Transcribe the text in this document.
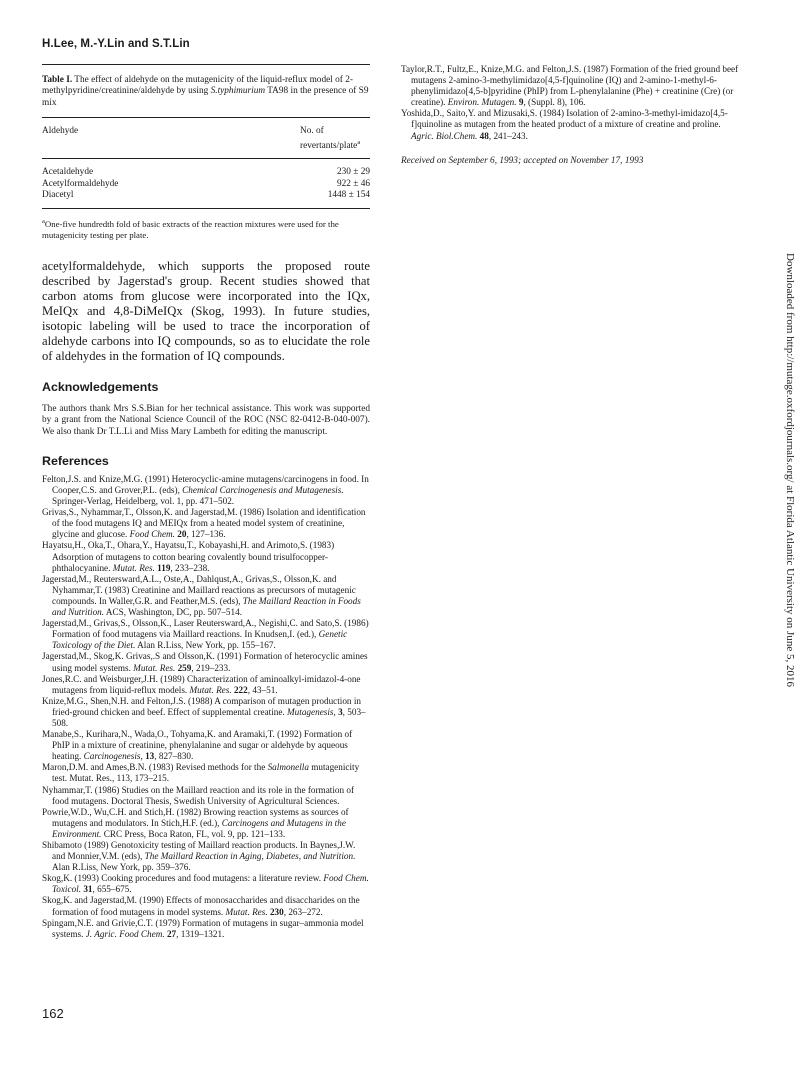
H.Lee, M.-Y.Lin and S.T.Lin
Table I. The effect of aldehyde on the mutagenicity of the liquid-reflux model of 2-methylpyridine/creatinine/aldehyde by using S.typhimurium TA98 in the presence of S9 mix
Aldehyde	No. of revertants/plate$^a$
Acetaldehyde	230 ± 29
Acetylformaldehyde	922 ± 46
Diacetyl	1448 ± 154
$^a$One-five hundredth fold of basic extracts of the reaction mixtures were used for the mutagenicity testing per plate.
acetylformaldehyde, which supports the proposed route described by Jagerstad's group. Recent studies showed that carbon atoms from glucose were incorporated into the IQx, MeIQx and 4,8-DiMeIQx (Skog, 1993). In future studies, isotopic labeling will be used to trace the incorporation of aldehyde carbons into IQ compounds, so as to elucidate the role of aldehydes in the formation of IQ compounds.
Acknowledgements
The authors thank Mrs S.S.Bian for her technical assistance. This work was supported by a grant from the National Science Council of the ROC (NSC 82-0412-B-040-007). We also thank Dr T.L.Li and Miss Mary Lambeth for editing the manuscript.
References
Felton,J.S. and Knize,M.G. (1991) Heterocyclic-amine mutagens/carcinogens in food. In Cooper,C.S. and Grover,P.L. (eds), Chemical Carcinogenesis and Mutagenesis. Springer-Verlag, Heidelberg, vol. 1, pp. 471–502.
Grivas,S., Nyhammar,T., Olsson,K. and Jagerstad,M. (1986) Isolation and identification of the food mutagens IQ and MEIQx from a heated model system of creatinine, glycine and glucose. Food Chem. 20, 127–136.
Hayatsu,H., Oka,T., Ohara,Y., Hayatsu,T., Kobayashi,H. and Arimoto,S. (1983) Adsorption of mutagens to cotton bearing covalently bound trisulfocopper-phthalocyanine. Mutat. Res. 119, 233–238.
Jagerstad,M., Reutersward,A.L., Oste,A., Dahlqust,A., Grivas,S., Olsson,K. and Nyhammar,T. (1983) Creatinine and Maillard reactions as precursors of mutagenic compounds. In Waller,G.R. and Feather,M.S. (eds), The Maillard Reaction in Foods and Nutrition. ACS, Washington, DC, pp. 507–514.
Jagerstad,M., Grivas,S., Olsson,K., Laser Reutersward,A., Negishi,C. and Sato,S. (1986) Formation of food mutagens via Maillard reactions. In Knudsen,I. (ed.), Genetic Toxicology of the Diet. Alan R.Liss, New York, pp. 155–167.
Jagerstad,M., Skog,K. Grivas,.S and Olsson,K. (1991) Formation of heterocyclic amines using model systems. Mutat. Res. 259, 219–233.
Jones,R.C. and Weisburger,J.H. (1989) Characterization of aminoalkyl-imidazol-4-one mutagens from liquid-reflux models. Mutat. Res. 222, 43–51.
Knize,M.G., Shen,N.H. and Felton,J.S. (1988) A comparison of mutagen production in fried-ground chicken and beef. Effect of supplemental creatine. Mutagenesis, 3, 503–508.
Manabe,S., Kurihara,N., Wada,O., Tohyama,K. and Aramaki,T. (1992) Formation of PhIP in a mixture of creatinine, phenylalanine and sugar or aldehyde by aqueous heating. Carcinogenesis, 13, 827–830.
Maron,D.M. and Ames,B.N. (1983) Revised methods for the Salmonella mutagenicity test. Mutat. Res., 113, 173–215.
Nyhammar,T. (1986) Studies on the Maillard reaction and its role in the formation of food mutagens. Doctoral Thesis, Swedish University of Agricultural Sciences.
Powrie,W.D., Wu,C.H. and Stich,H. (1982) Browing reaction systems as sources of mutagens and modulators. In Stich,H.F. (ed.), Carcinogens and Mutagens in the Environment. CRC Press, Boca Raton, FL, vol. 9, pp. 121–133.
Shibamoto (1989) Genotoxicity testing of Maillard reaction products. In Baynes,J.W. and Monnier,V.M. (eds), The Maillard Reaction in Aging, Diabetes, and Nutrition. Alan R.Liss, New York, pp. 359–376.
Skog,K. (1993) Cooking procedures and food mutagens: a literature review. Food Chem. Toxicol. 31, 655–675.
Skog,K. and Jagerstad,M. (1990) Effects of monosaccharides and disaccharides on the formation of food mutagens in model systems. Mutat. Res. 230, 263–272.
Spingam,N.E. and Grivie,C.T. (1979) Formation of mutagens in sugar–ammonia model systems. J. Agric. Food Chem. 27, 1319–1321.
Taylor,R.T., Fultz,E., Knize,M.G. and Felton,J.S. (1987) Formation of the fried ground beef mutagens 2-amino-3-methylimidazo[4,5-f]quinoline (IQ) and 2-amino-1-methyl-6-phenylimidazo[4,5-b]pyridine (PhIP) from L-phenylalanine (Phe) + creatinine (Cre) (or creatine). Environ. Mutagen. 9, (Suppl. 8), 106.
Yoshida,D., Saito,Y. and Mizusaki,S. (1984) Isolation of 2-amino-3-methyl-imidazo[4,5-f]quinoline as mutagen from the heated product of a mixture of creatine and proline. Agric. Biol.Chem. 48, 241–243.
Received on September 6, 1993; accepted on November 17, 1993
162
Downloaded from http://mutage.oxfordjournals.org/ at Florida Atlantic University on June 5, 2016
